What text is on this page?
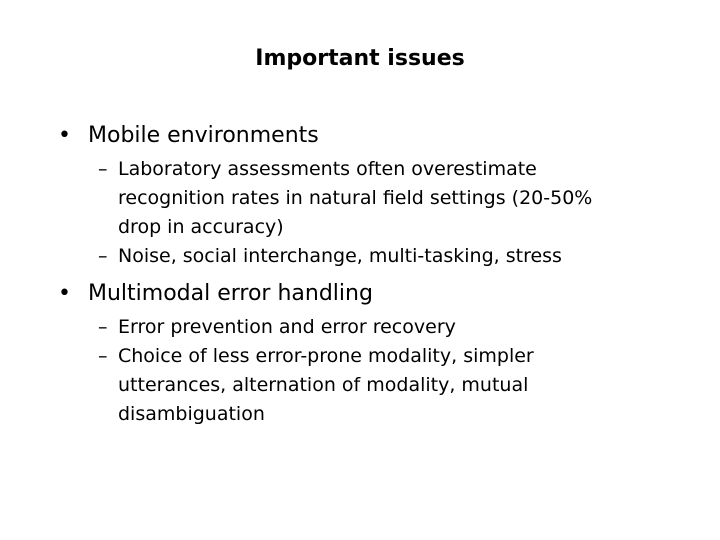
Important issues
• Mobile environments
– Laboratory assessments often overestimate recognition rates in natural field settings (20-50% drop in accuracy)
– Noise, social interchange, multi-tasking, stress
• Multimodal error handling
– Error prevention and error recovery
– Choice of less error-prone modality, simpler utterances, alternation of modality, mutual disambiguation
